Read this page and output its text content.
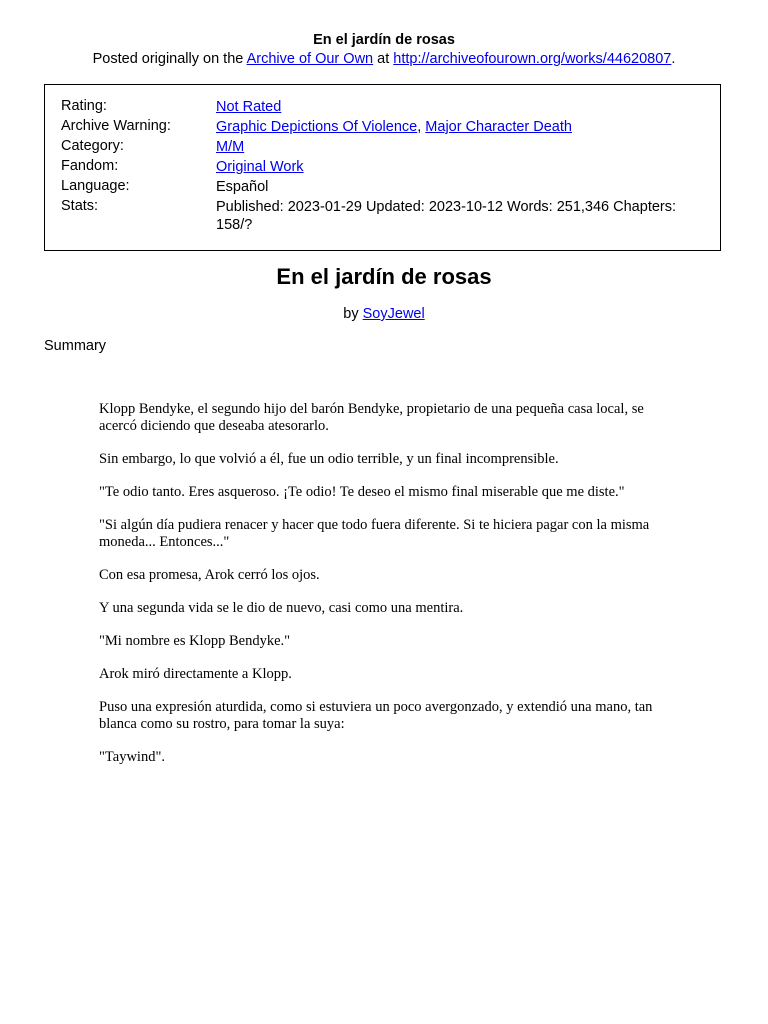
En el jardín de rosas
Posted originally on the Archive of Our Own at http://archiveofourown.org/works/44620807.
Rating:	Not Rated
Archive Warning:	Graphic Depictions Of Violence, Major Character Death
Category:	M/M
Fandom:	Original Work
Language:	Español
Stats:	Published: 2023-01-29 Updated: 2023-10-12 Words: 251,346 Chapters: 158/?
En el jardín de rosas
by SoyJewel
Summary

Klopp Bendyke, el segundo hijo del barón Bendyke, propietario de una pequeña casa local, se acercó diciendo que deseaba atesorarlo.

Sin embargo, lo que volvió a él, fue un odio terrible, y un final incomprensible.

"Te odio tanto. Eres asqueroso. ¡Te odio! Te deseo el mismo final miserable que me diste."

"Si algún día pudiera renacer y hacer que todo fuera diferente. Si te hiciera pagar con la misma moneda... Entonces..."

Con esa promesa, Arok cerró los ojos.

Y una segunda vida se le dio de nuevo, casi como una mentira.

"Mi nombre es Klopp Bendyke."

Arok miró directamente a Klopp.

Puso una expresión aturdida, como si estuviera un poco avergonzado, y extendió una mano, tan blanca como su rostro, para tomar la suya:

"Taywind".
